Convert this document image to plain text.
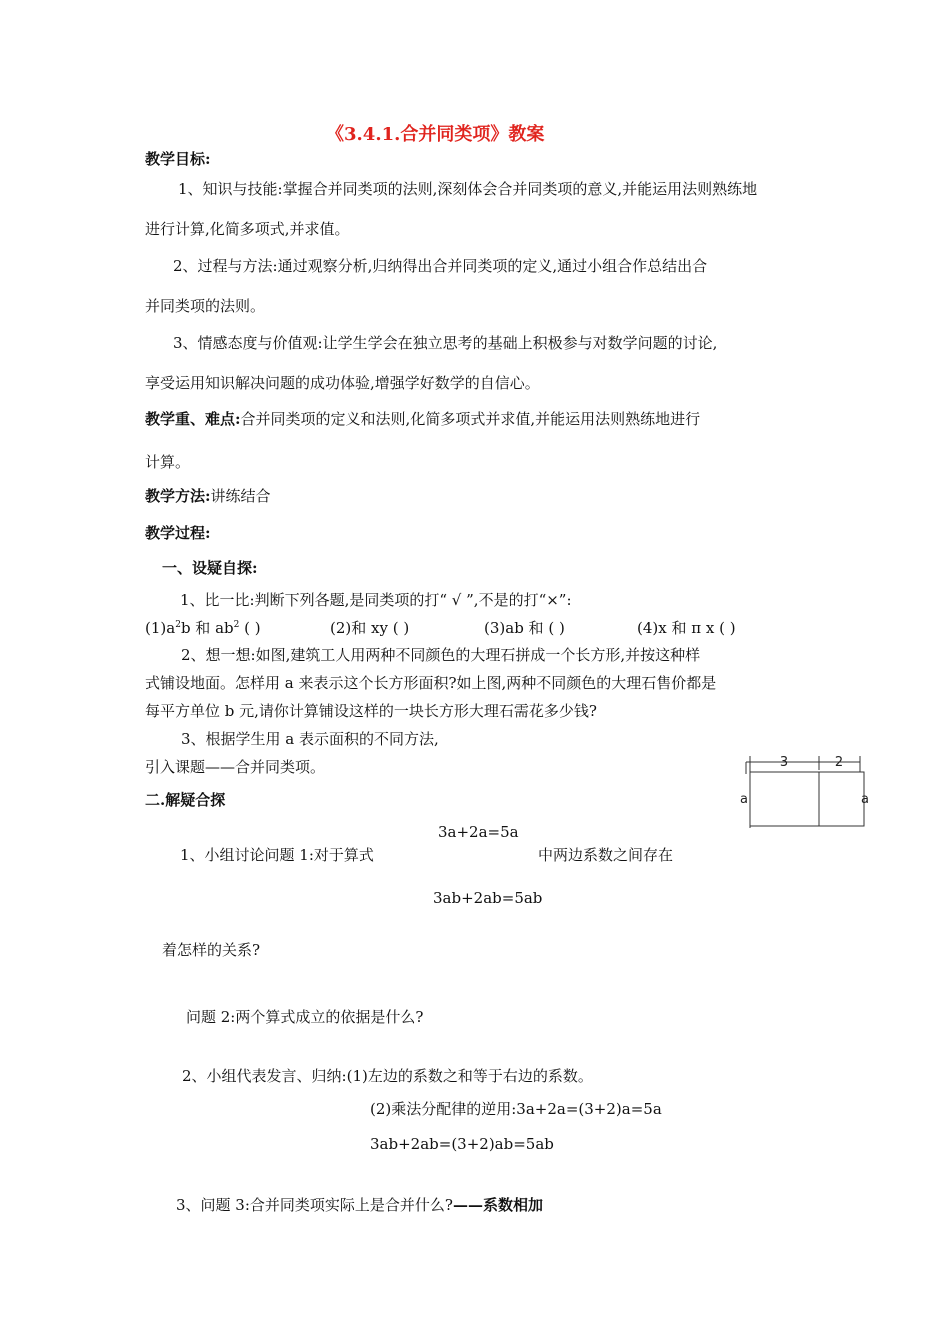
《3.4.1.合并同类项》教案
教学目标:
1、知识与技能:掌握合并同类项的法则,深刻体会合并同类项的意义,并能运用法则熟练地
进行计算,化简多项式,并求值。
2、过程与方法:通过观察分析,归纳得出合并同类项的定义,通过小组合作总结出合
并同类项的法则。
3、情感态度与价值观:让学生学会在独立思考的基础上积极参与对数学问题的讨论,
享受运用知识解决问题的成功体验,增强学好数学的自信心。
教学重、难点:合并同类项的定义和法则,化简多项式并求值,并能运用法则熟练地进行
计算。
教学方法:讲练结合
教学过程:
一、设疑自探:
1、比一比:判断下列各题,是同类项的打“ √ ”,不是的打“×”:
$(1)a^2b$ 和 $ab^2$ ( )	(2)和 xy ( )	(3)ab 和 ( )	(4)x 和 π x ( )
2、想一想:如图,建筑工人用两种不同颜色的大理石拼成一个长方形,并按这种样
式铺设地面。怎样用 a 来表示这个长方形面积?如上图,两种不同颜色的大理石售价都是
每平方单位 b 元,请你计算铺设这样的一块长方形大理石需花多少钱?
3、根据学生用 a 表示面积的不同方法,
引入课题——合并同类项。	3	2
a	a
二.解疑合探
3a+2a=5a
1、小组讨论问题 1:对于算式	中两边系数之间存在
3ab+2ab=5ab
着怎样的关系?
问题 2:两个算式成立的依据是什么?
2、小组代表发言、归纳:(1)左边的系数之和等于右边的系数。
(2)乘法分配律的逆用:3a+2a=(3+2)a=5a
3ab+2ab=(3+2)ab=5ab
3、问题 3:合并同类项实际上是合并什么?——系数相加
